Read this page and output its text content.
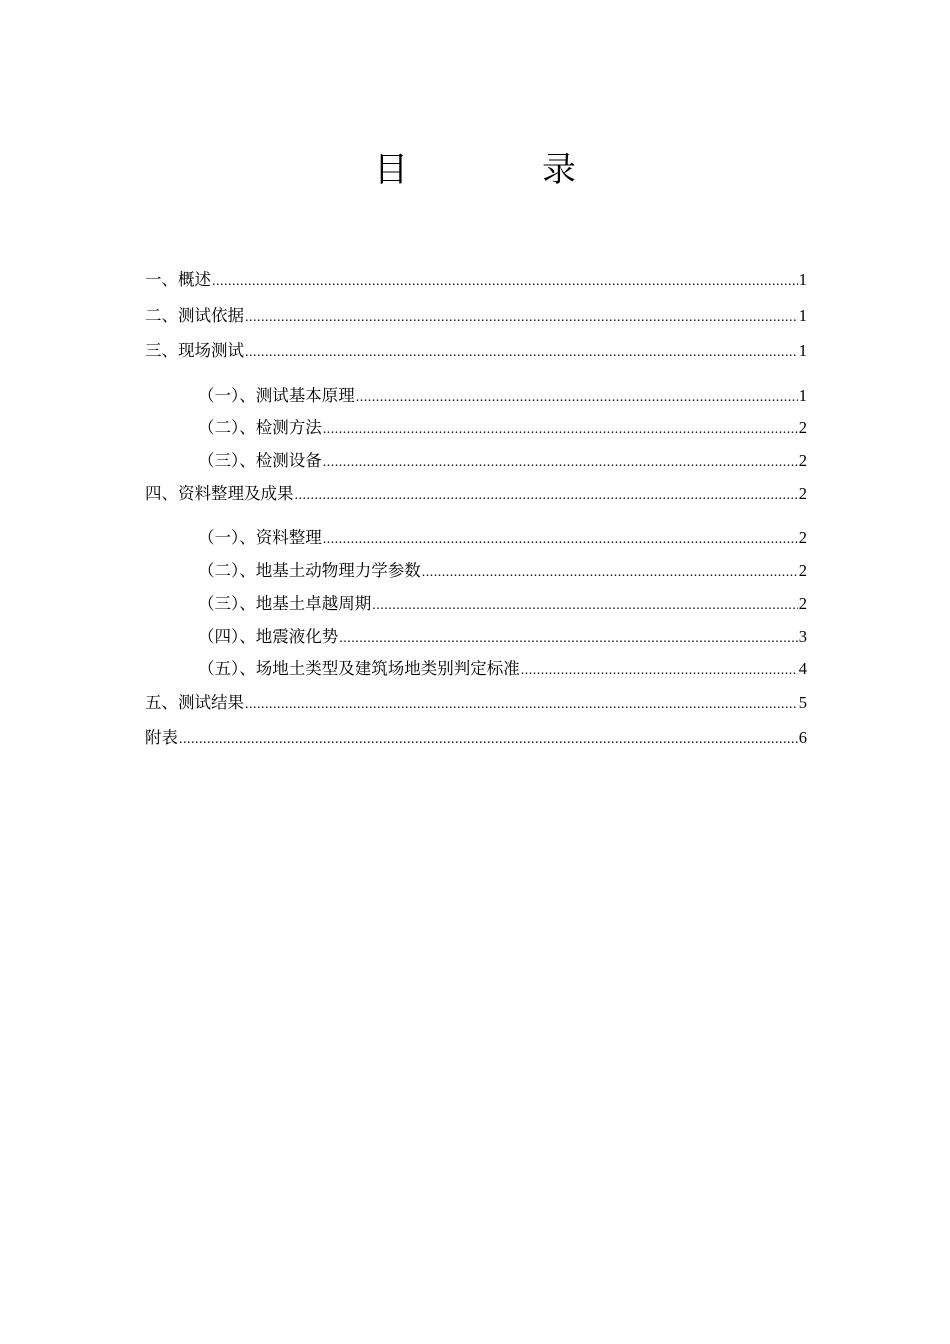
目　录
一、概述 .....	1
二、测试依据 .....	1
三、现场测试 .....	1
（一）、测试基本原理 .....	1
（二）、检测方法 .....	2
（三）、检测设备 .....	2
四、资料整理及成果 .....	2
（一）、资料整理 .....	2
（二）、地基土动物理力学参数 .....	2
（三）、地基土卓越周期 .....	2
（四）、地震液化势 .....	3
（五）、场地土类型及建筑场地类别判定标准 .....	4
五、测试结果 .....	5
附表 .....	6
